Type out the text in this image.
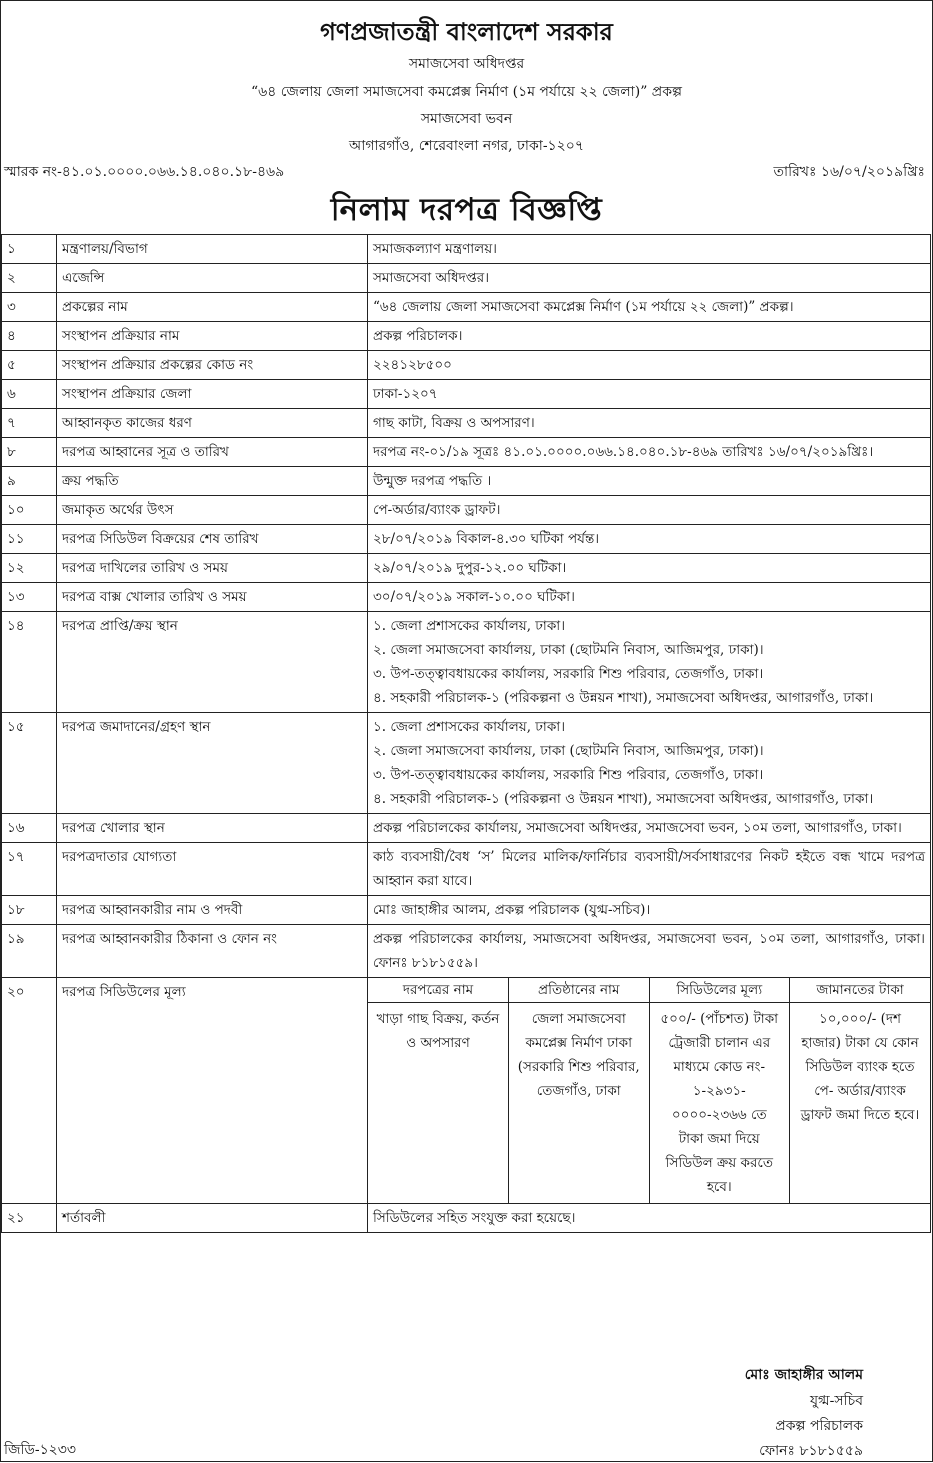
গণপ্রজাতন্ত্রী বাংলাদেশ সরকার
সমাজসেবা অধিদপ্তর
“৬৪ জেলায় জেলা সমাজসেবা কমপ্লেক্স নির্মাণ (১ম পর্যায়ে ২২ জেলা)” প্রকল্প
সমাজসেবা ভবন
আগারগাঁও, শেরেবাংলা নগর, ঢাকা-১২০৭
স্মারক নং-৪১.০১.০০০০.০৬৬.১৪.০৪০.১৮-৪৬৯	তারিখঃ ১৬/০৭/২০১৯খ্রিঃ
নিলাম দরপত্র বিজ্ঞপ্তি
১	মন্ত্রণালয়/বিভাগ	সমাজকল্যাণ মন্ত্রণালয়।
২	এজেন্সি	সমাজসেবা অধিদপ্তর।
৩	প্রকল্পের নাম	“৬৪ জেলায় জেলা সমাজসেবা কমপ্লেক্স নির্মাণ (১ম পর্যায়ে ২২ জেলা)” প্রকল্প।
৪	সংস্থাপন প্রক্রিয়ার নাম	প্রকল্প পরিচালক।
৫	সংস্থাপন প্রক্রিয়ার প্রকল্পের কোড নং	২২৪১২৮৫০০
৬	সংস্থাপন প্রক্রিয়ার জেলা	ঢাকা-১২০৭
৭	আহ্বানকৃত কাজের ধরণ	গাছ কাটা, বিক্রয় ও অপসারণ।
৮	দরপত্র আহ্বানের সূত্র ও তারিখ	দরপত্র নং-০১/১৯ সূত্রঃ ৪১.০১.০০০০.০৬৬.১৪.০৪০.১৮-৪৬৯ তারিখঃ ১৬/০৭/২০১৯খ্রিঃ।
৯	ক্রয় পদ্ধতি	উন্মুক্ত দরপত্র পদ্ধতি ।
১০	জমাকৃত অর্থের উৎস	পে-অর্ডার/ব্যাংক ড্রাফট।
১১	দরপত্র সিডিউল বিক্রয়ের শেষ তারিখ	২৮/০৭/২০১৯ বিকাল-৪.৩০ ঘটিকা পর্যন্ত।
১২	দরপত্র দাখিলের তারিখ ও সময়	২৯/০৭/২০১৯ দুপুর-১২.০০ ঘটিকা।
১৩	দরপত্র বাক্স খোলার তারিখ ও সময়	৩০/০৭/২০১৯ সকাল-১০.০০ ঘটিকা।
১৪	দরপত্র প্রাপ্তি/ক্রয় স্থান	১. জেলা প্রশাসকের কার্যালয়, ঢাকা।
২. জেলা সমাজসেবা কার্যালয়, ঢাকা (ছোটমনি নিবাস, আজিমপুর, ঢাকা)।
৩. উপ-তত্ত্বাবধায়কের কার্যালয়, সরকারি শিশু পরিবার, তেজগাঁও, ঢাকা।
৪. সহকারী পরিচালক-১ (পরিকল্পনা ও উন্নয়ন শাখা), সমাজসেবা অধিদপ্তর, আগারগাঁও, ঢাকা।

১৫	দরপত্র জমাদানের/গ্রহণ স্থান	১. জেলা প্রশাসকের কার্যালয়, ঢাকা।
২. জেলা সমাজসেবা কার্যালয়, ঢাকা (ছোটমনি নিবাস, আজিমপুর, ঢাকা)।
৩. উপ-তত্ত্বাবধায়কের কার্যালয়, সরকারি শিশু পরিবার, তেজগাঁও, ঢাকা।
৪. সহকারী পরিচালক-১ (পরিকল্পনা ও উন্নয়ন শাখা), সমাজসেবা অধিদপ্তর, আগারগাঁও, ঢাকা।

১৬	দরপত্র খোলার স্থান	প্রকল্প পরিচালকের কার্যালয়, সমাজসেবা অধিদপ্তর, সমাজসেবা ভবন, ১০ম তলা, আগারগাঁও, ঢাকা।
১৭	দরপত্রদাতার যোগ্যতা	কাঠ ব্যবসায়ী/বৈধ ‘স’ মিলের মালিক/ফার্নিচার ব্যবসায়ী/সর্বসাধারণের নিকট হইতে বন্ধ খামে দরপত্র আহ্বান করা যাবে।
১৮	দরপত্র আহ্বানকারীর নাম ও পদবী	মোঃ জাহাঙ্গীর আলম, প্রকল্প পরিচালক (যুগ্ম-সচিব)।
১৯	দরপত্র আহ্বানকারীর ঠিকানা ও ফোন নং	প্রকল্প পরিচালকের কার্যালয়, সমাজসেবা অধিদপ্তর, সমাজসেবা ভবন, ১০ম তলা, আগারগাঁও, ঢাকা। ফোনঃ ৮১৮১৫৫৯।
২০	দরপত্র সিডিউলের মূল্য		দরপত্রের নাম	প্রতিষ্ঠানের নাম	সিডিউলের মূল্য	জামানতের টাকা
খাড়া গাছ বিক্রয়, কর্তন ও অপসারণ	জেলা সমাজসেবা কমপ্লেক্স নির্মাণ ঢাকা (সরকারি শিশু পরিবার, তেজগাঁও, ঢাকা	৫০০/- (পাঁচশত) টাকা ট্রেজারী চালান এর মাধ্যমে কোড নং- ১-২৯৩১- ০০০০-২৩৬৬ তে টাকা জমা দিয়ে সিডিউল ক্রয় করতে হবে।	১০,০০০/- (দশ হাজার) টাকা যে কোন সিডিউল ব্যাংক হতে পে- অর্ডার/ব্যাংক ড্রাফট জমা দিতে হবে।

২১	শর্তাবলী	সিডিউলের সহিত সংযুক্ত করা হয়েছে।
মোঃ জাহাঙ্গীর আলম
যুগ্ম-সচিব
প্রকল্প পরিচালক
ফোনঃ ৮১৮১৫৫৯
জিডি-১২৩৩
